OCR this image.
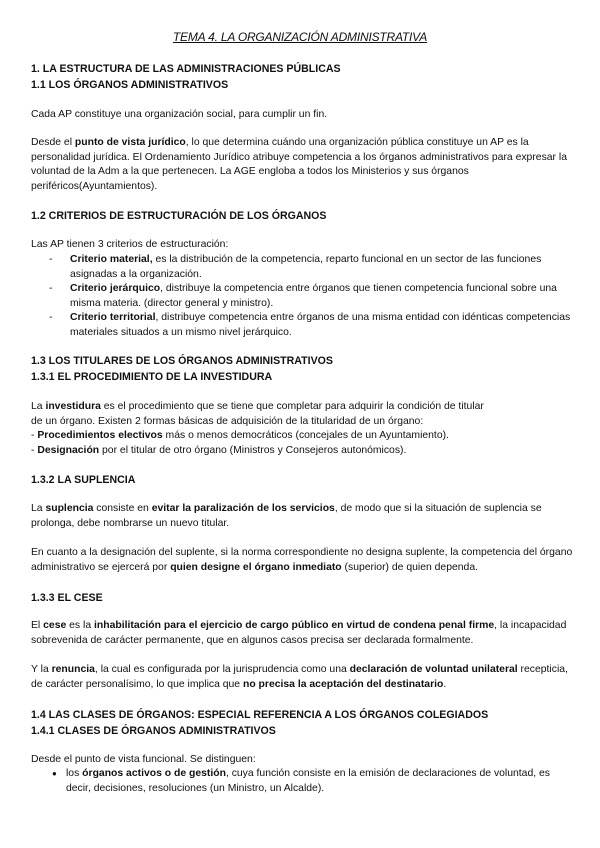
TEMA 4. LA ORGANIZACIÓN ADMINISTRATIVA
1. LA ESTRUCTURA DE LAS ADMINISTRACIONES PÚBLICAS
1.1 LOS ÓRGANOS ADMINISTRATIVOS

Cada AP constituye una organización social, para cumplir un fin.

Desde el punto de vista jurídico, lo que determina cuándo una organización pública constituye un AP es la personalidad jurídica. El Ordenamiento Jurídico atribuye competencia a los órganos administrativos para expresar la voluntad de la Adm a la que pertenecen. La AGE engloba a todos los Ministerios y sus órganos periféricos(Ayuntamientos).

1.2 CRITERIOS DE ESTRUCTURACIÓN DE LOS ÓRGANOS

Las AP tienen 3 criterios de estructuración:

- Criterio material, es la distribución de la competencia, reparto funcional en un sector de las funciones asignadas a la organización.
- Criterio jerárquico, distribuye la competencia entre órganos que tienen competencia funcional sobre una misma materia. (director general y ministro).
- Criterio territorial, distribuye competencia entre órganos de una misma entidad con idénticas competencias materiales situados a un mismo nivel jerárquico.
1.3 LOS TITULARES DE LOS ÓRGANOS ADMINISTRATIVOS
1.3.1 EL PROCEDIMIENTO DE LA INVESTIDURA

La investidura es el procedimiento que se tiene que completar para adquirir la condición de titular de un órgano. Existen 2 formas básicas de adquisición de la titularidad de un órgano:

- Procedimientos electivos más o menos democráticos (concejales de un Ayuntamiento).

- Designación por el titular de otro órgano (Ministros y Consejeros autonómicos).

1.3.2 LA SUPLENCIA

La suplencia consiste en evitar la paralización de los servicios, de modo que si la situación de suplencia se prolonga, debe nombrarse un nuevo titular.

En cuanto a la designación del suplente, si la norma correspondiente no designa suplente, la competencia del órgano administrativo se ejercerá por quien designe el órgano inmediato (superior) de quien dependa.

1.3.3 EL CESE

El cese es la inhabilitación para el ejercicio de cargo público en virtud de condena penal firme, la incapacidad sobrevenida de carácter permanente, que en algunos casos precisa ser declarada formalmente.

Y la renuncia, la cual es configurada por la jurisprudencia como una declaración de voluntad unilateral recepticia, de carácter personalísimo, lo que implica que no precisa la aceptación del destinatario.

1.4 LAS CLASES DE ÓRGANOS: ESPECIAL REFERENCIA A LOS ÓRGANOS COLEGIADOS
1.4.1 CLASES DE ÓRGANOS ADMINISTRATIVOS

Desde el punto de vista funcional. Se distinguen:

● los órganos activos o de gestión, cuya función consiste en la emisión de declaraciones de voluntad, es decir, decisiones, resoluciones (un Ministro, un Alcalde).
